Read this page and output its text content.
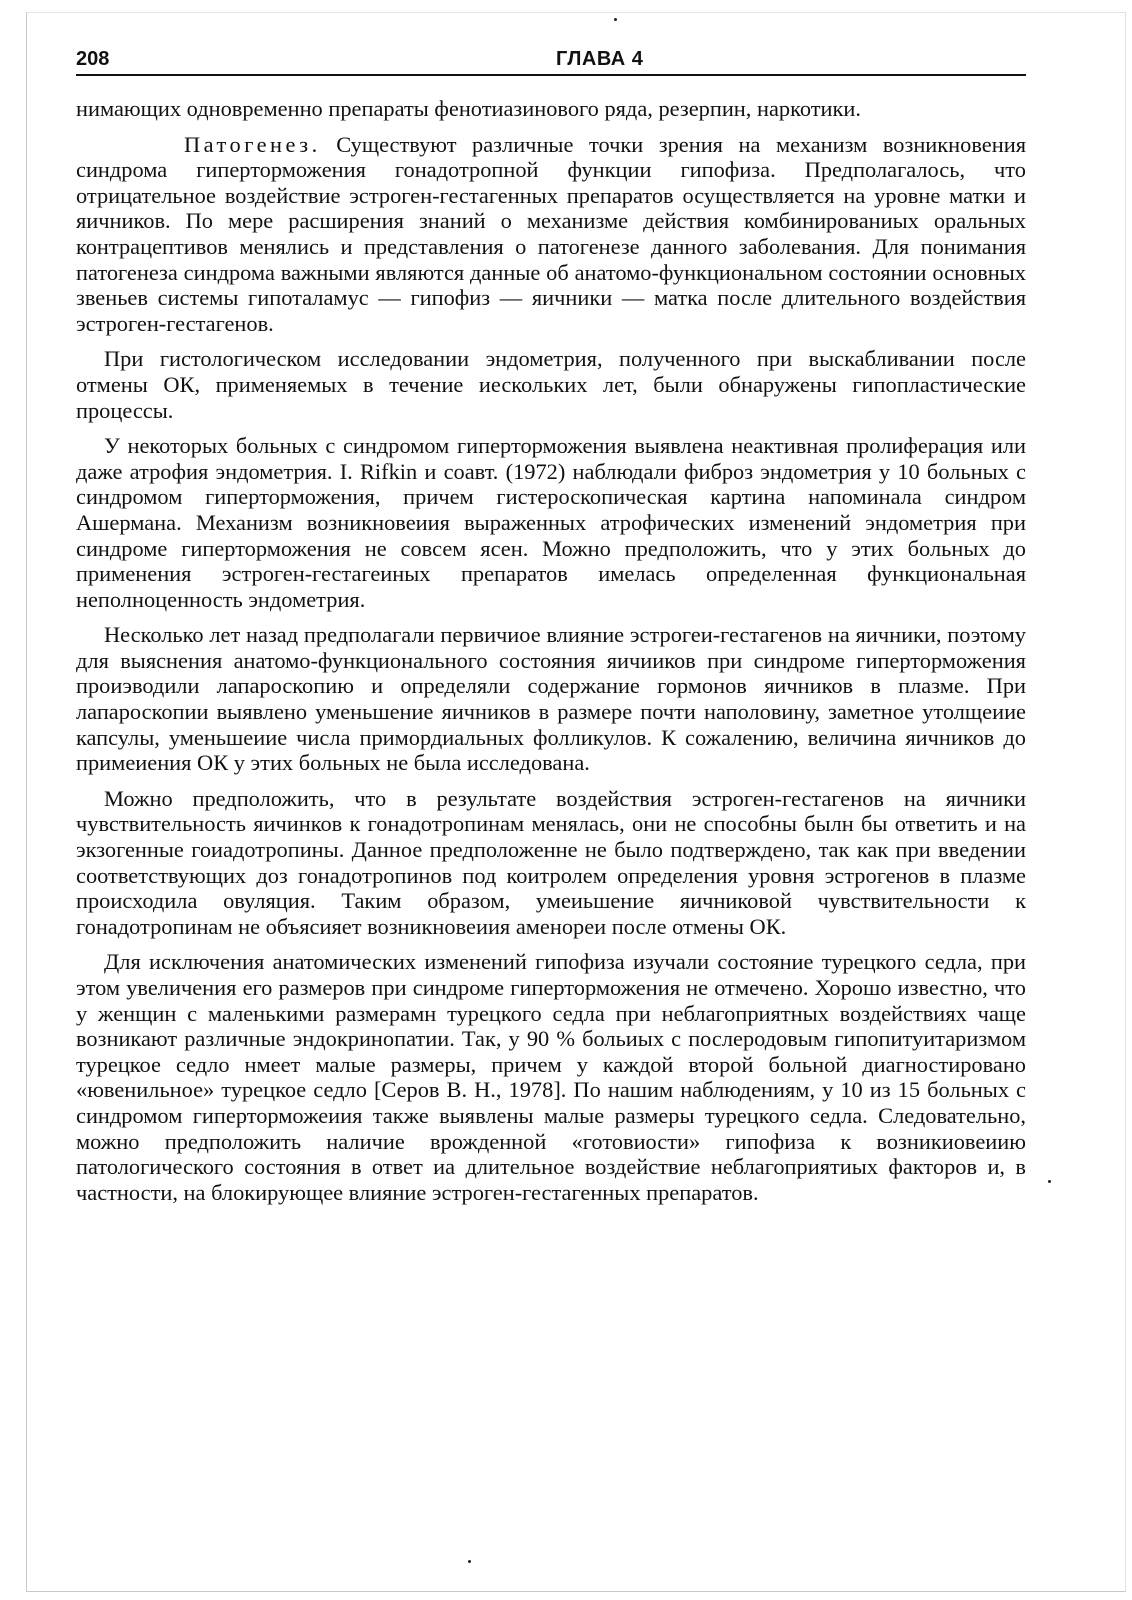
208	ГЛАВА 4

нимающих одновременно препараты фенотиазинового ряда, резерпин, наркотики.

Патогенез. Существуют различные точки зрения на механизм возникновения синдрома гиперторможения гонадотропной функции гипофиза. Предполагалось, что отрицательное воздействие эстроген-гестагенных препаратов осуществляется на уровне матки и яичников. По мере расширения знаний о механизме действия комбинированиых оральных контрацептивов менялись и представления о патогенезе данного заболевания. Для понимания патогенеза синдрома важными являются данные об анатомо-функциональном состоянии основных звеньев системы гипоталамус — гипофиз — яичники — матка после длительного воздействия эстроген-гестагенов.

При гистологическом исследовании эндометрия, полученного при выскабливании после отмены ОК, применяемых в течение иескольких лет, были обнаружены гипопластические процессы.

У некоторых больных с синдромом гиперторможения выявлена неактивная пролиферация или даже атрофия эндометрия. I. Rifkin и соавт. (1972) наблюдали фиброз эндометрия у 10 больных с синдромом гиперторможения, причем гистероскопическая картина напоминала синдром Ашермана. Механизм возникновеиия выраженных атрофических изменений эндометрия при синдроме гиперторможения не совсем ясен. Можно предположить, что у этих больных до применения эстроген-гестагеиных препаратов имелась определенная функциональная неполноценность эндометрия.

Несколько лет назад предполагали первичиое влияние эстрогеи-гестагенов на яичники, поэтому для выяснения анатомо-функционального состояния яичииков при синдроме гиперторможения проиэводили лапароскопию и определяли содержание гормонов яичников в плазме. При лапароскопии выявлено уменьшение яичников в размере почти наполовину, заметное утолщеиие капсулы, уменьшеиие числа примордиальных фолликулов. К сожалению, величина яичников до примеиения ОК у этих больных не была исследована.

Можно предположить, что в результате воздействия эстроген-гестагенов на яичники чувствительность яичинков к гонадотропинам менялась, они не способны былн бы ответить и на экзогенные гоиадотропины. Данное предположенне не было подтверждено, так как при введении соответствующих доз гонадотропинов под коитролем определения уровня эстрогенов в плазме происходила овуляция. Таким образом, умеиьшение яичниковой чувствительности к гонадотропинам не объясияет возникновеиия аменореи после отмены ОК.

Для исключения анатомических изменений гипофиза изучали состояние турецкого седла, при этом увеличения его размеров при синдроме гиперторможения не отмечено. Хорошо известно, что у женщин с маленькими размерамн турецкого седла при неблагоприятных воздействиях чаще возникают различные эндокринопатии. Так, у 90 % больиых с послеродовым гипопитуитаризмом турецкое седло нмеет малые размеры, причем у каждой второй больной диагностировано «ювенильное» турецкое седло [Серов В. Н., 1978]. По нашим наблюдениям, у 10 из 15 больных с синдромом гиперторможеиия также выявлены малые размеры турецкого седла. Следовательно, можно предположить наличие врожденной «готовиости» гипофиза к возникиовеиию патологического состояния в ответ иа длительное воздействие неблагоприятиых факторов и, в частности, на блокирующее влияние эстроген-гестагенных препаратов.
